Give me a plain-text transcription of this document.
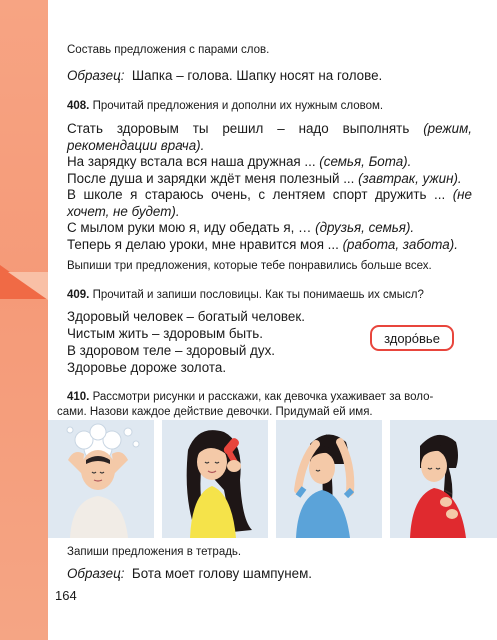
Составь предложения с парами слов.
Образец: Шапка – голова. Шапку носят на голове.
408. Прочитай предложения и дополни их нужным словом.
Стать здоровым ты решил – надо выполнять (режим,
рекомендации врача).
На зарядку встала вся наша дружная ... (семья, Бота).
После душа и зарядки ждёт меня полезный ... (завтрак, ужин).
В школе я стараюсь очень, с лентяем спорт дружить ... (не
хочет, не будет).
С мылом руки мою я, иду обедать я, … (друзья, семья).
Теперь я делаю уроки, мне нравится моя ... (работа, забота).
Выпиши три предложения, которые тебе понравились больше всех.
409. Прочитай и запиши пословицы. Как ты понимаешь их смысл?
Здоровый человек – богатый человек.
Чистым жить – здоровым быть.
В здоровом теле – здоровый дух.
Здоровье дороже золота.
здоро́вье
410. Рассмотри рисунки и расскажи, как девочка ухаживает за воло-
сами. Назови каждое действие девочки. Придумай ей имя.
Запиши предложения в тетрадь.
Образец: Бота моет голову шампунем.
164
